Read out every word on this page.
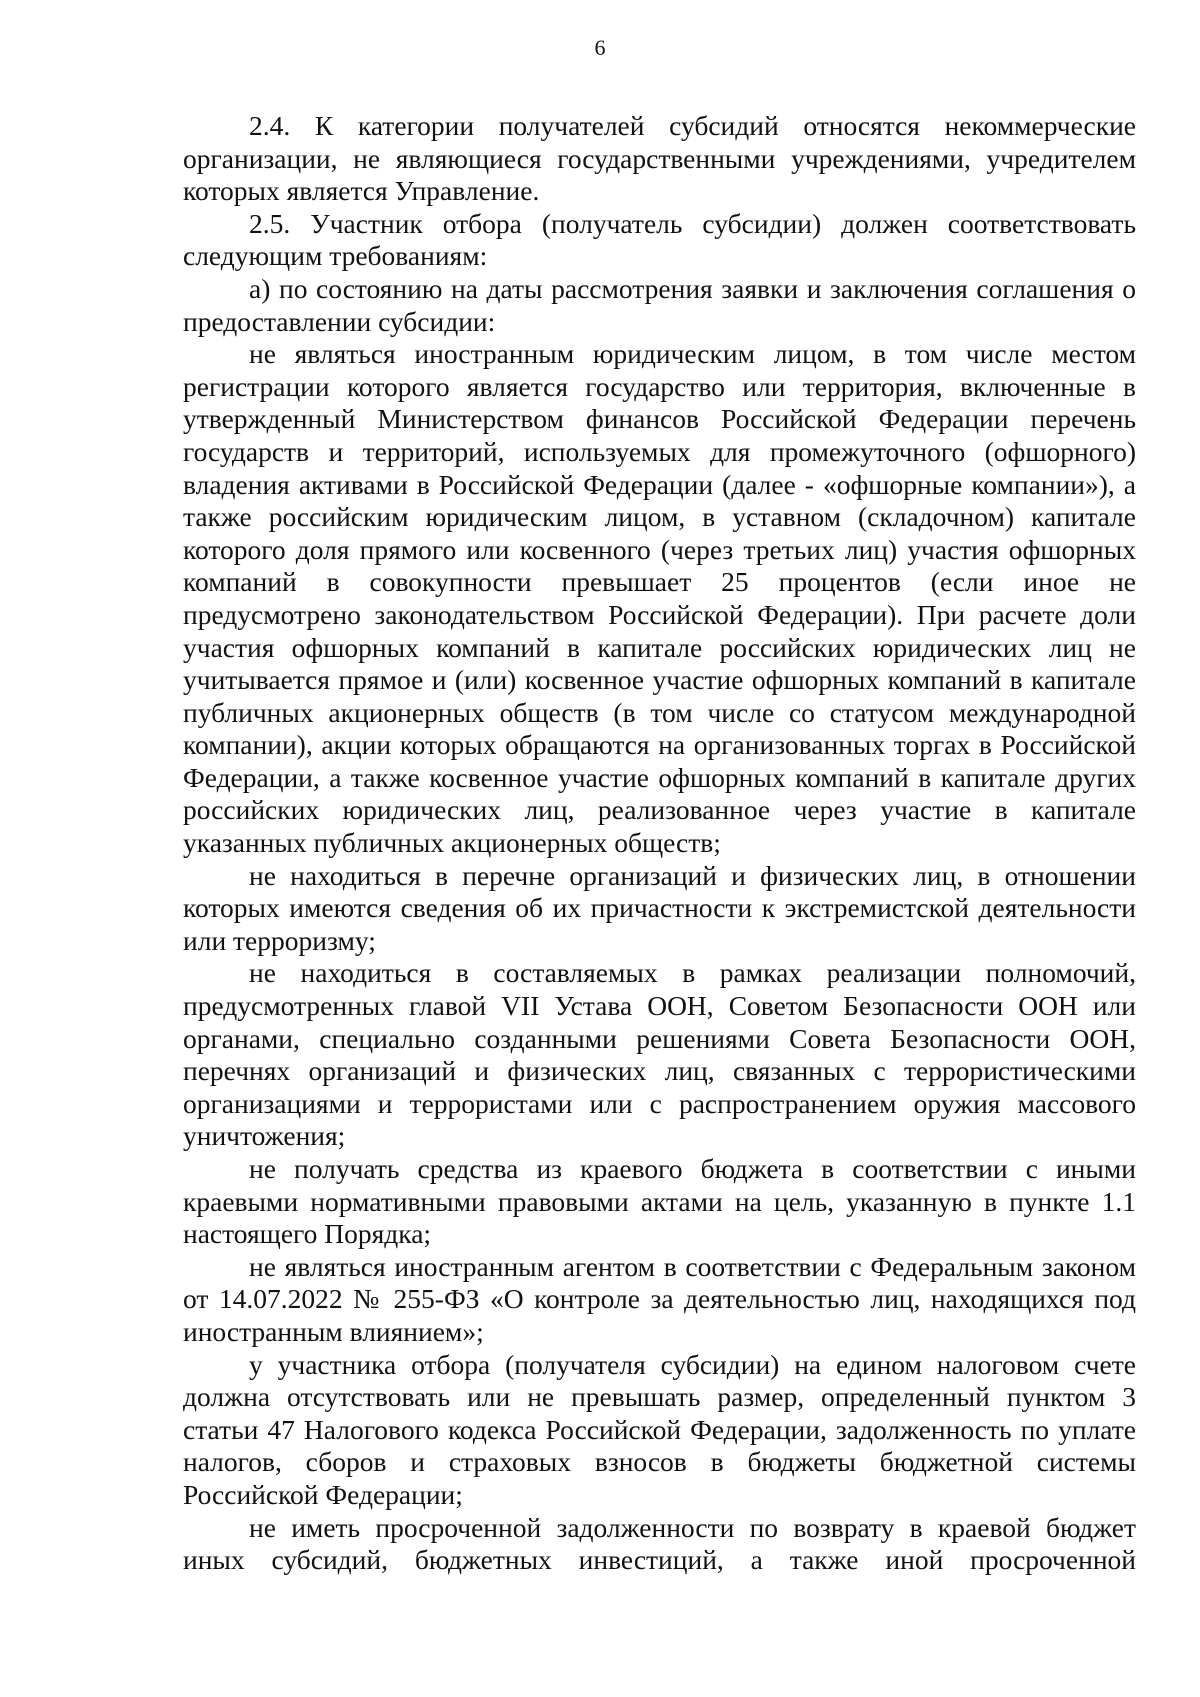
6

2.4. К категории получателей субсидий относятся некоммерческие организации, не являющиеся государственными учреждениями, учредителем которых является Управление.

2.5. Участник отбора (получатель субсидии) должен соответствовать следующим требованиям:

а) по состоянию на даты рассмотрения заявки и заключения соглашения о предоставлении субсидии:

не являться иностранным юридическим лицом, в том числе местом регистрации которого является государство или территория, включенные в утвержденный Министерством финансов Российской Федерации перечень государств и территорий, используемых для промежуточного (офшорного) владения активами в Российской Федерации (далее - «офшорные компании»), а также российским юридическим лицом, в уставном (складочном) капитале которого доля прямого или косвенного (через третьих лиц) участия офшорных компаний в совокупности превышает 25 процентов (если иное не предусмотрено законодательством Российской Федерации). При расчете доли участия офшорных компаний в капитале российских юридических лиц не учитывается прямое и (или) косвенное участие офшорных компаний в капитале публичных акционерных обществ (в том числе со статусом международной компании), акции которых обращаются на организованных торгах в Российской Федерации, а также косвенное участие офшорных компаний в капитале других российских юридических лиц, реализованное через участие в капитале указанных публичных акционерных обществ;

не находиться в перечне организаций и физических лиц, в отношении которых имеются сведения об их причастности к экстремистской деятельности или терроризму;

не находиться в составляемых в рамках реализации полномочий, предусмотренных главой VII Устава ООН, Советом Безопасности ООН или органами, специально созданными решениями Совета Безопасности ООН, перечнях организаций и физических лиц, связанных с террористическими организациями и террористами или с распространением оружия массового уничтожения;

не получать средства из краевого бюджета в соответствии с иными краевыми нормативными правовыми актами на цель, указанную в пункте 1.1 настоящего Порядка;

не являться иностранным агентом в соответствии с Федеральным законом от 14.07.2022 № 255-ФЗ «О контроле за деятельностью лиц, находящихся под иностранным влиянием»;

у участника отбора (получателя субсидии) на едином налоговом счете должна отсутствовать или не превышать размер, определенный пунктом 3 статьи 47 Налогового кодекса Российской Федерации, задолженность по уплате налогов, сборов и страховых взносов в бюджеты бюджетной системы Российской Федерации;

не иметь просроченной задолженности по возврату в краевой бюджет иных субсидий, бюджетных инвестиций, а также иной просроченной
